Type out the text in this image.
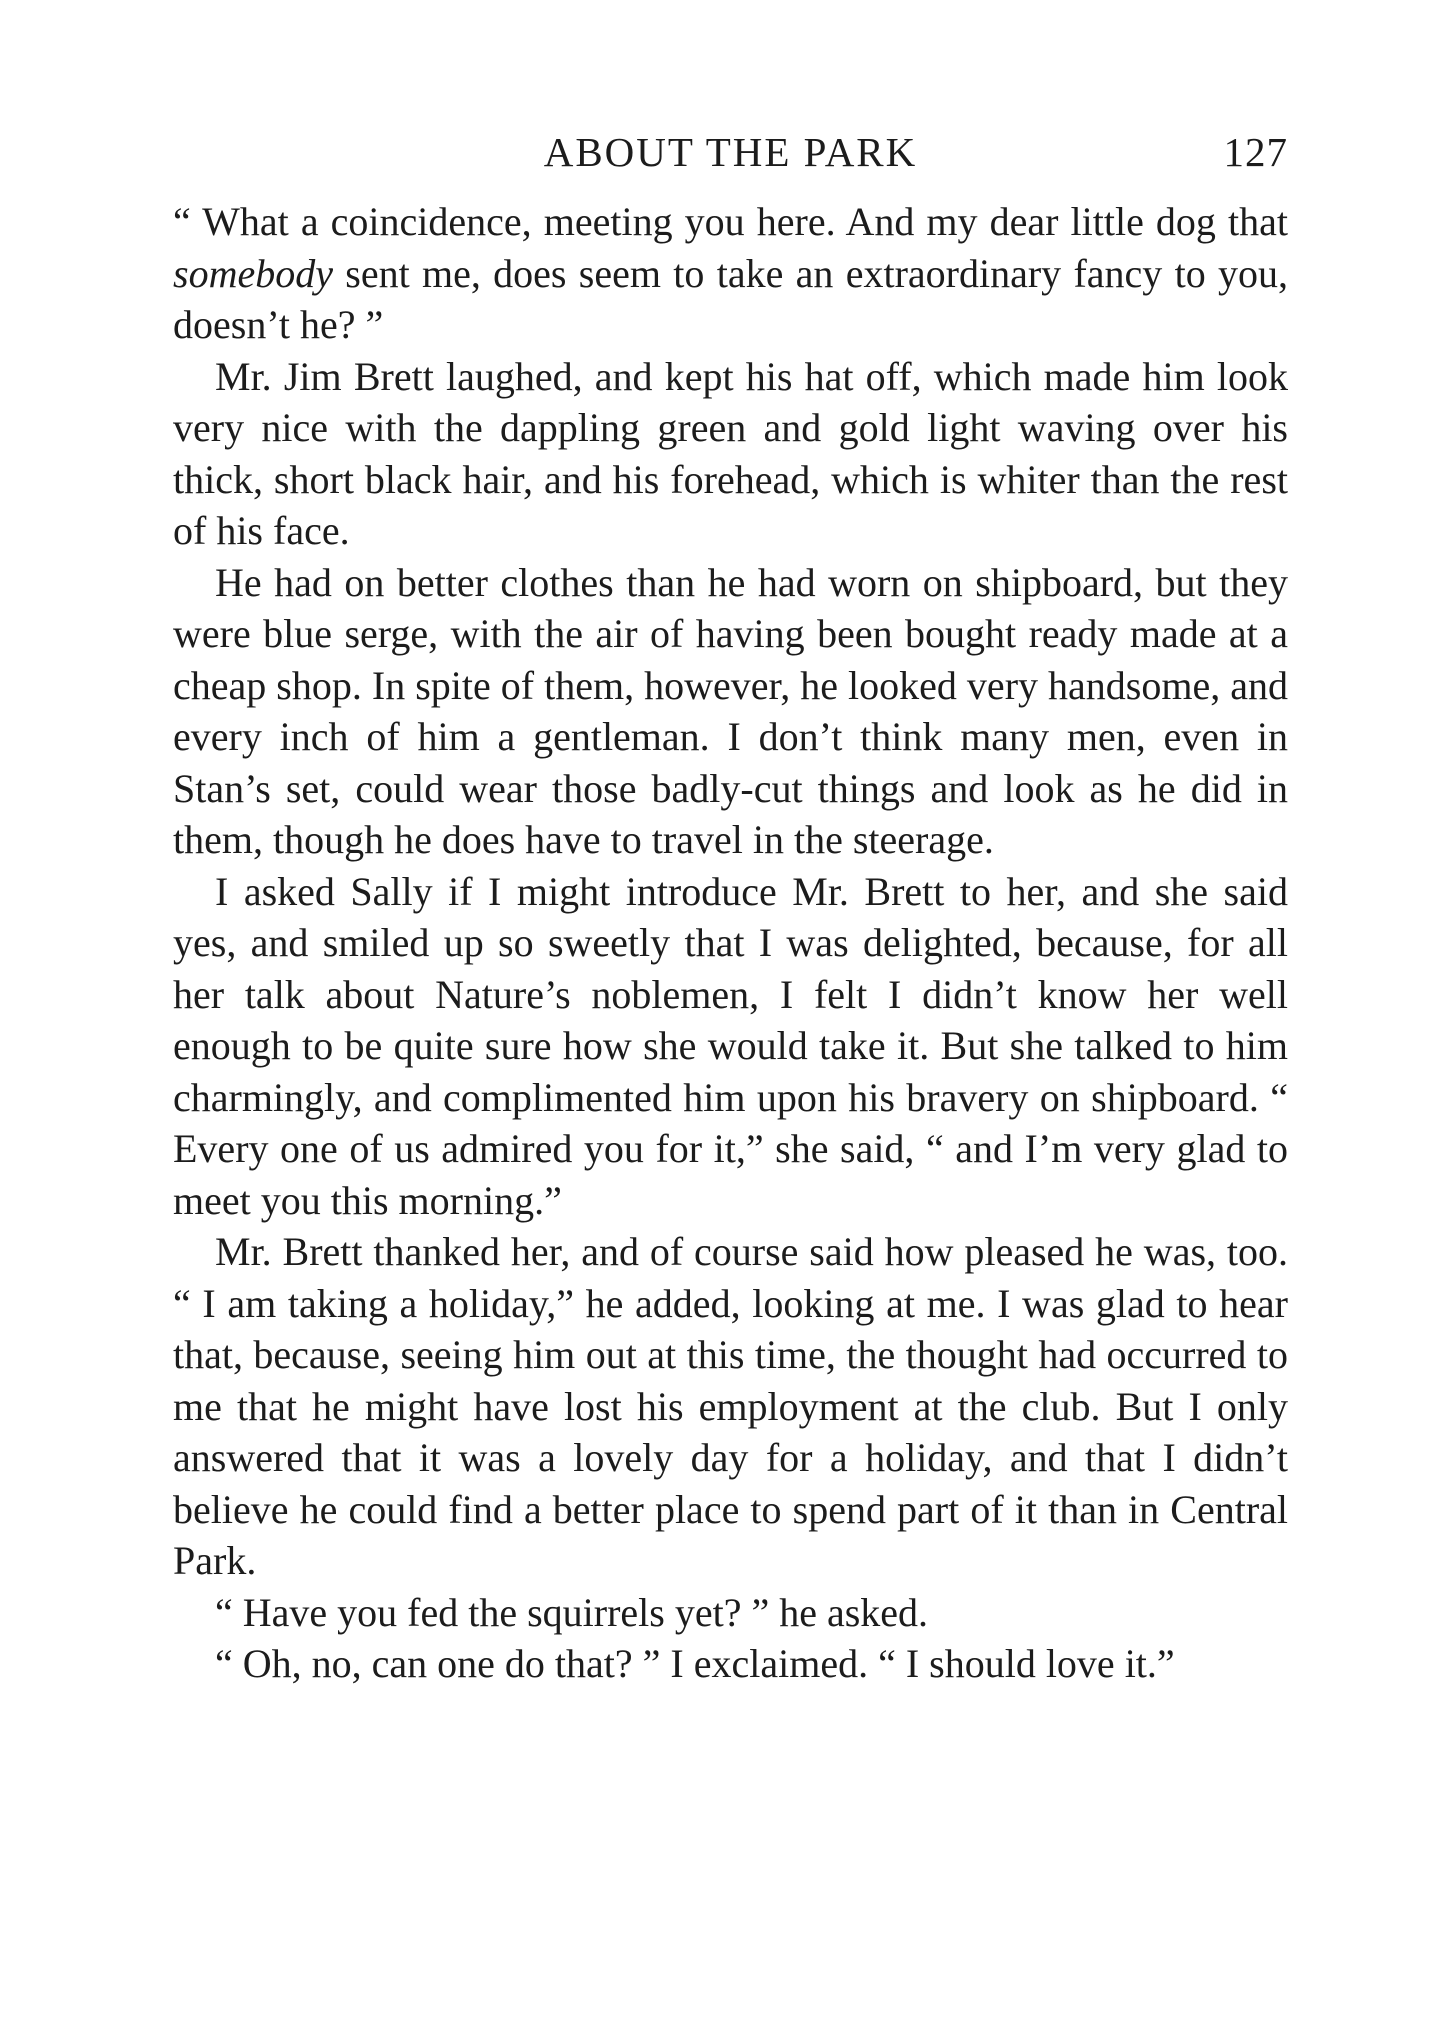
ABOUT THE PARK	127

“ What a coincidence, meeting you here. And my dear little dog that somebody sent me, does seem to take an extraordinary fancy to you, doesn’t he? ”

Mr. Jim Brett laughed, and kept his hat off, which made him look very nice with the dappling green and gold light waving over his thick, short black hair, and his forehead, which is whiter than the rest of his face.

He had on better clothes than he had worn on shipboard, but they were blue serge, with the air of having been bought ready made at a cheap shop. In spite of them, however, he looked very handsome, and every inch of him a gentleman. I don’t think many men, even in Stan’s set, could wear those badly-cut things and look as he did in them, though he does have to travel in the steerage.

I asked Sally if I might introduce Mr. Brett to her, and she said yes, and smiled up so sweetly that I was delighted, because, for all her talk about Nature’s noblemen, I felt I didn’t know her well enough to be quite sure how she would take it. But she talked to him charmingly, and complimented him upon his bravery on shipboard. “ Every one of us admired you for it,” she said, “ and I’m very glad to meet you this morning.”

Mr. Brett thanked her, and of course said how pleased he was, too. “ I am taking a holiday,” he added, looking at me. I was glad to hear that, because, seeing him out at this time, the thought had occurred to me that he might have lost his employment at the club. But I only answered that it was a lovely day for a holiday, and that I didn’t believe he could find a better place to spend part of it than in Central Park.

“ Have you fed the squirrels yet? ” he asked.

“ Oh, no, can one do that? ” I exclaimed. “ I should love it.”
